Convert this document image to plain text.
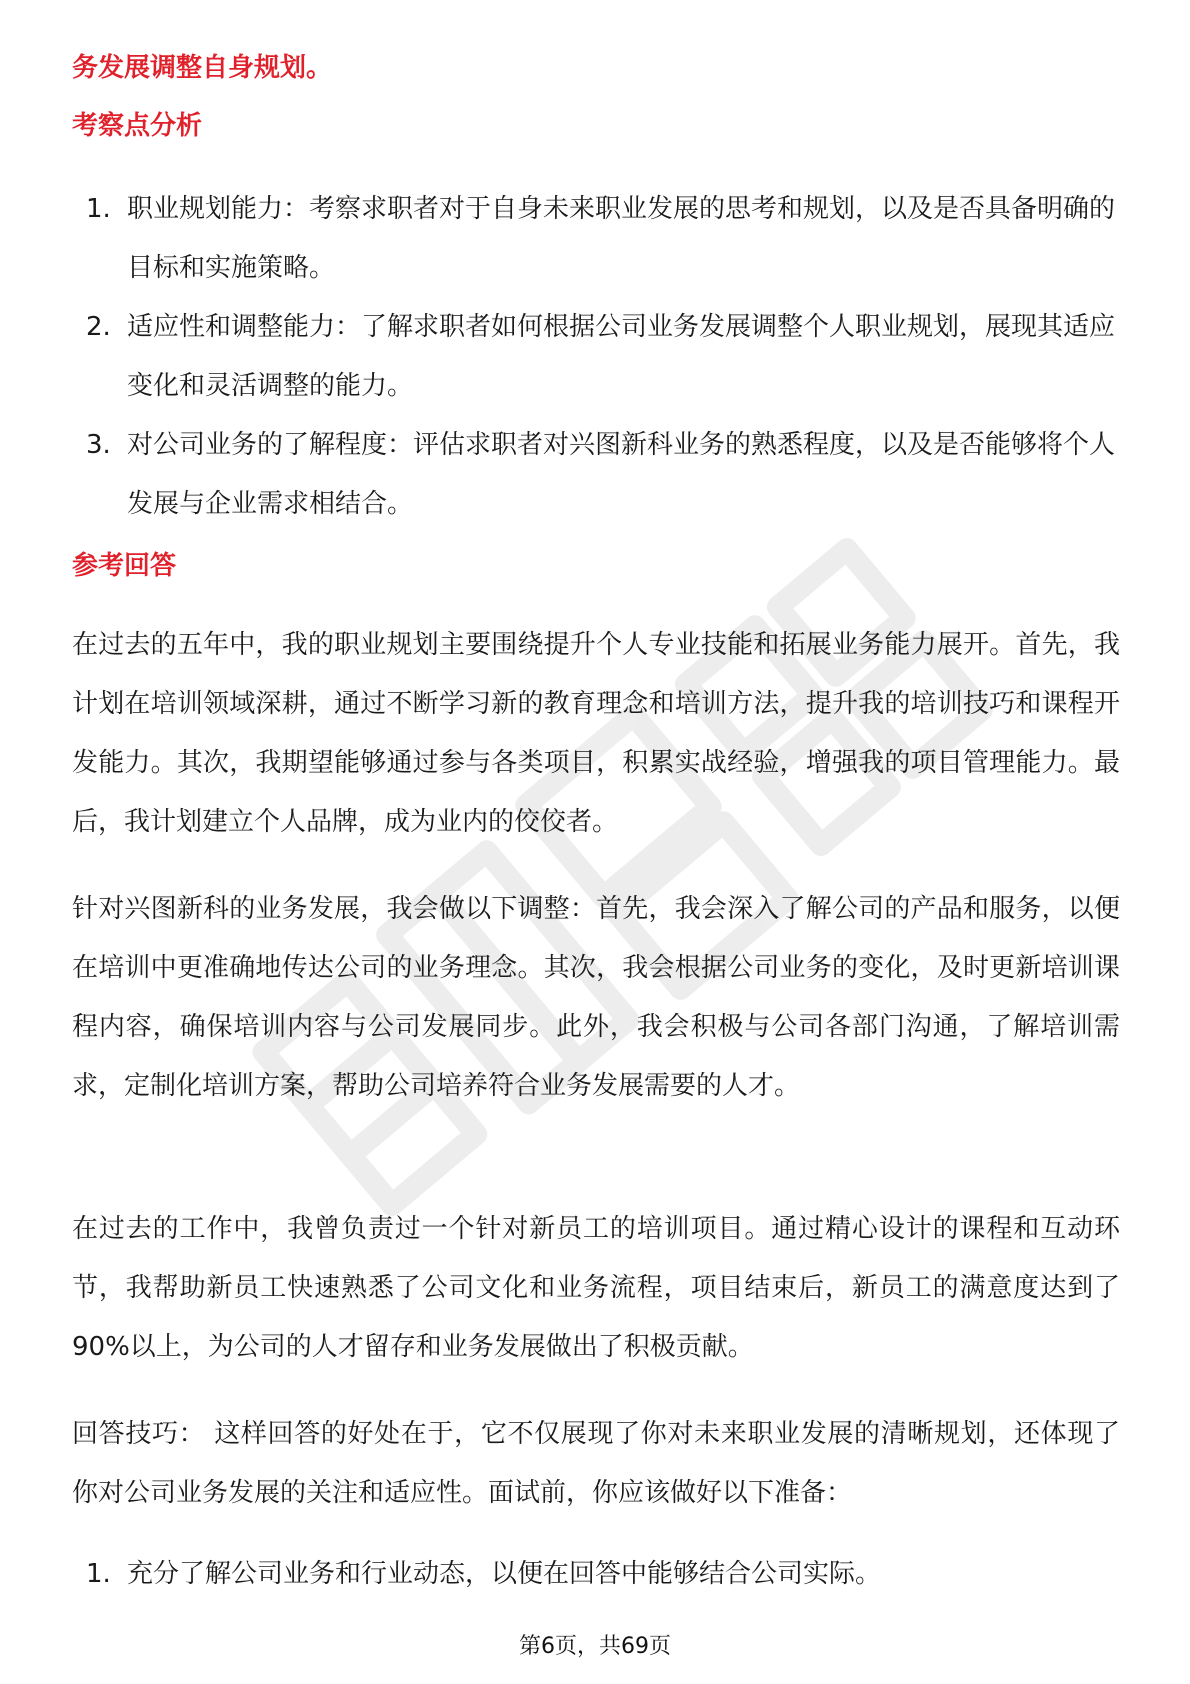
务发展调整自身规划。
考察点分析
1. 职业规划能力：考察求职者对于自身未来职业发展的思考和规划，以及是否具备明确的目标和实施策略。
2. 适应性和调整能力：了解求职者如何根据公司业务发展调整个人职业规划，展现其适应变化和灵活调整的能力。
3. 对公司业务的了解程度：评估求职者对兴图新科业务的熟悉程度，以及是否能够将个人发展与企业需求相结合。
参考回答

在过去的五年中，我的职业规划主要围绕提升个人专业技能和拓展业务能力展开。首先，我计划在培训领域深耕，通过不断学习新的教育理念和培训方法，提升我的培训技巧和课程开发能力。其次，我期望能够通过参与各类项目，积累实战经验，增强我的项目管理能力。最后，我计划建立个人品牌，成为业内的佼佼者。

针对兴图新科的业务发展，我会做以下调整：首先，我会深入了解公司的产品和服务，以便在培训中更准确地传达公司的业务理念。其次，我会根据公司业务的变化，及时更新培训课程内容，确保培训内容与公司发展同步。此外，我会积极与公司各部门沟通，了解培训需求，定制化培训方案，帮助公司培养符合业务发展需要的人才。

在过去的工作中，我曾负责过一个针对新员工的培训项目。通过精心设计的课程和互动环节，我帮助新员工快速熟悉了公司文化和业务流程，项目结束后，新员工的满意度达到了90%以上，为公司的人才留存和业务发展做出了积极贡献。

回答技巧： 这样回答的好处在于，它不仅展现了你对未来职业发展的清晰规划，还体现了你对公司业务发展的关注和适应性。面试前，你应该做好以下准备：

1. 充分了解公司业务和行业动态，以便在回答中能够结合公司实际。
第6页，共69页
